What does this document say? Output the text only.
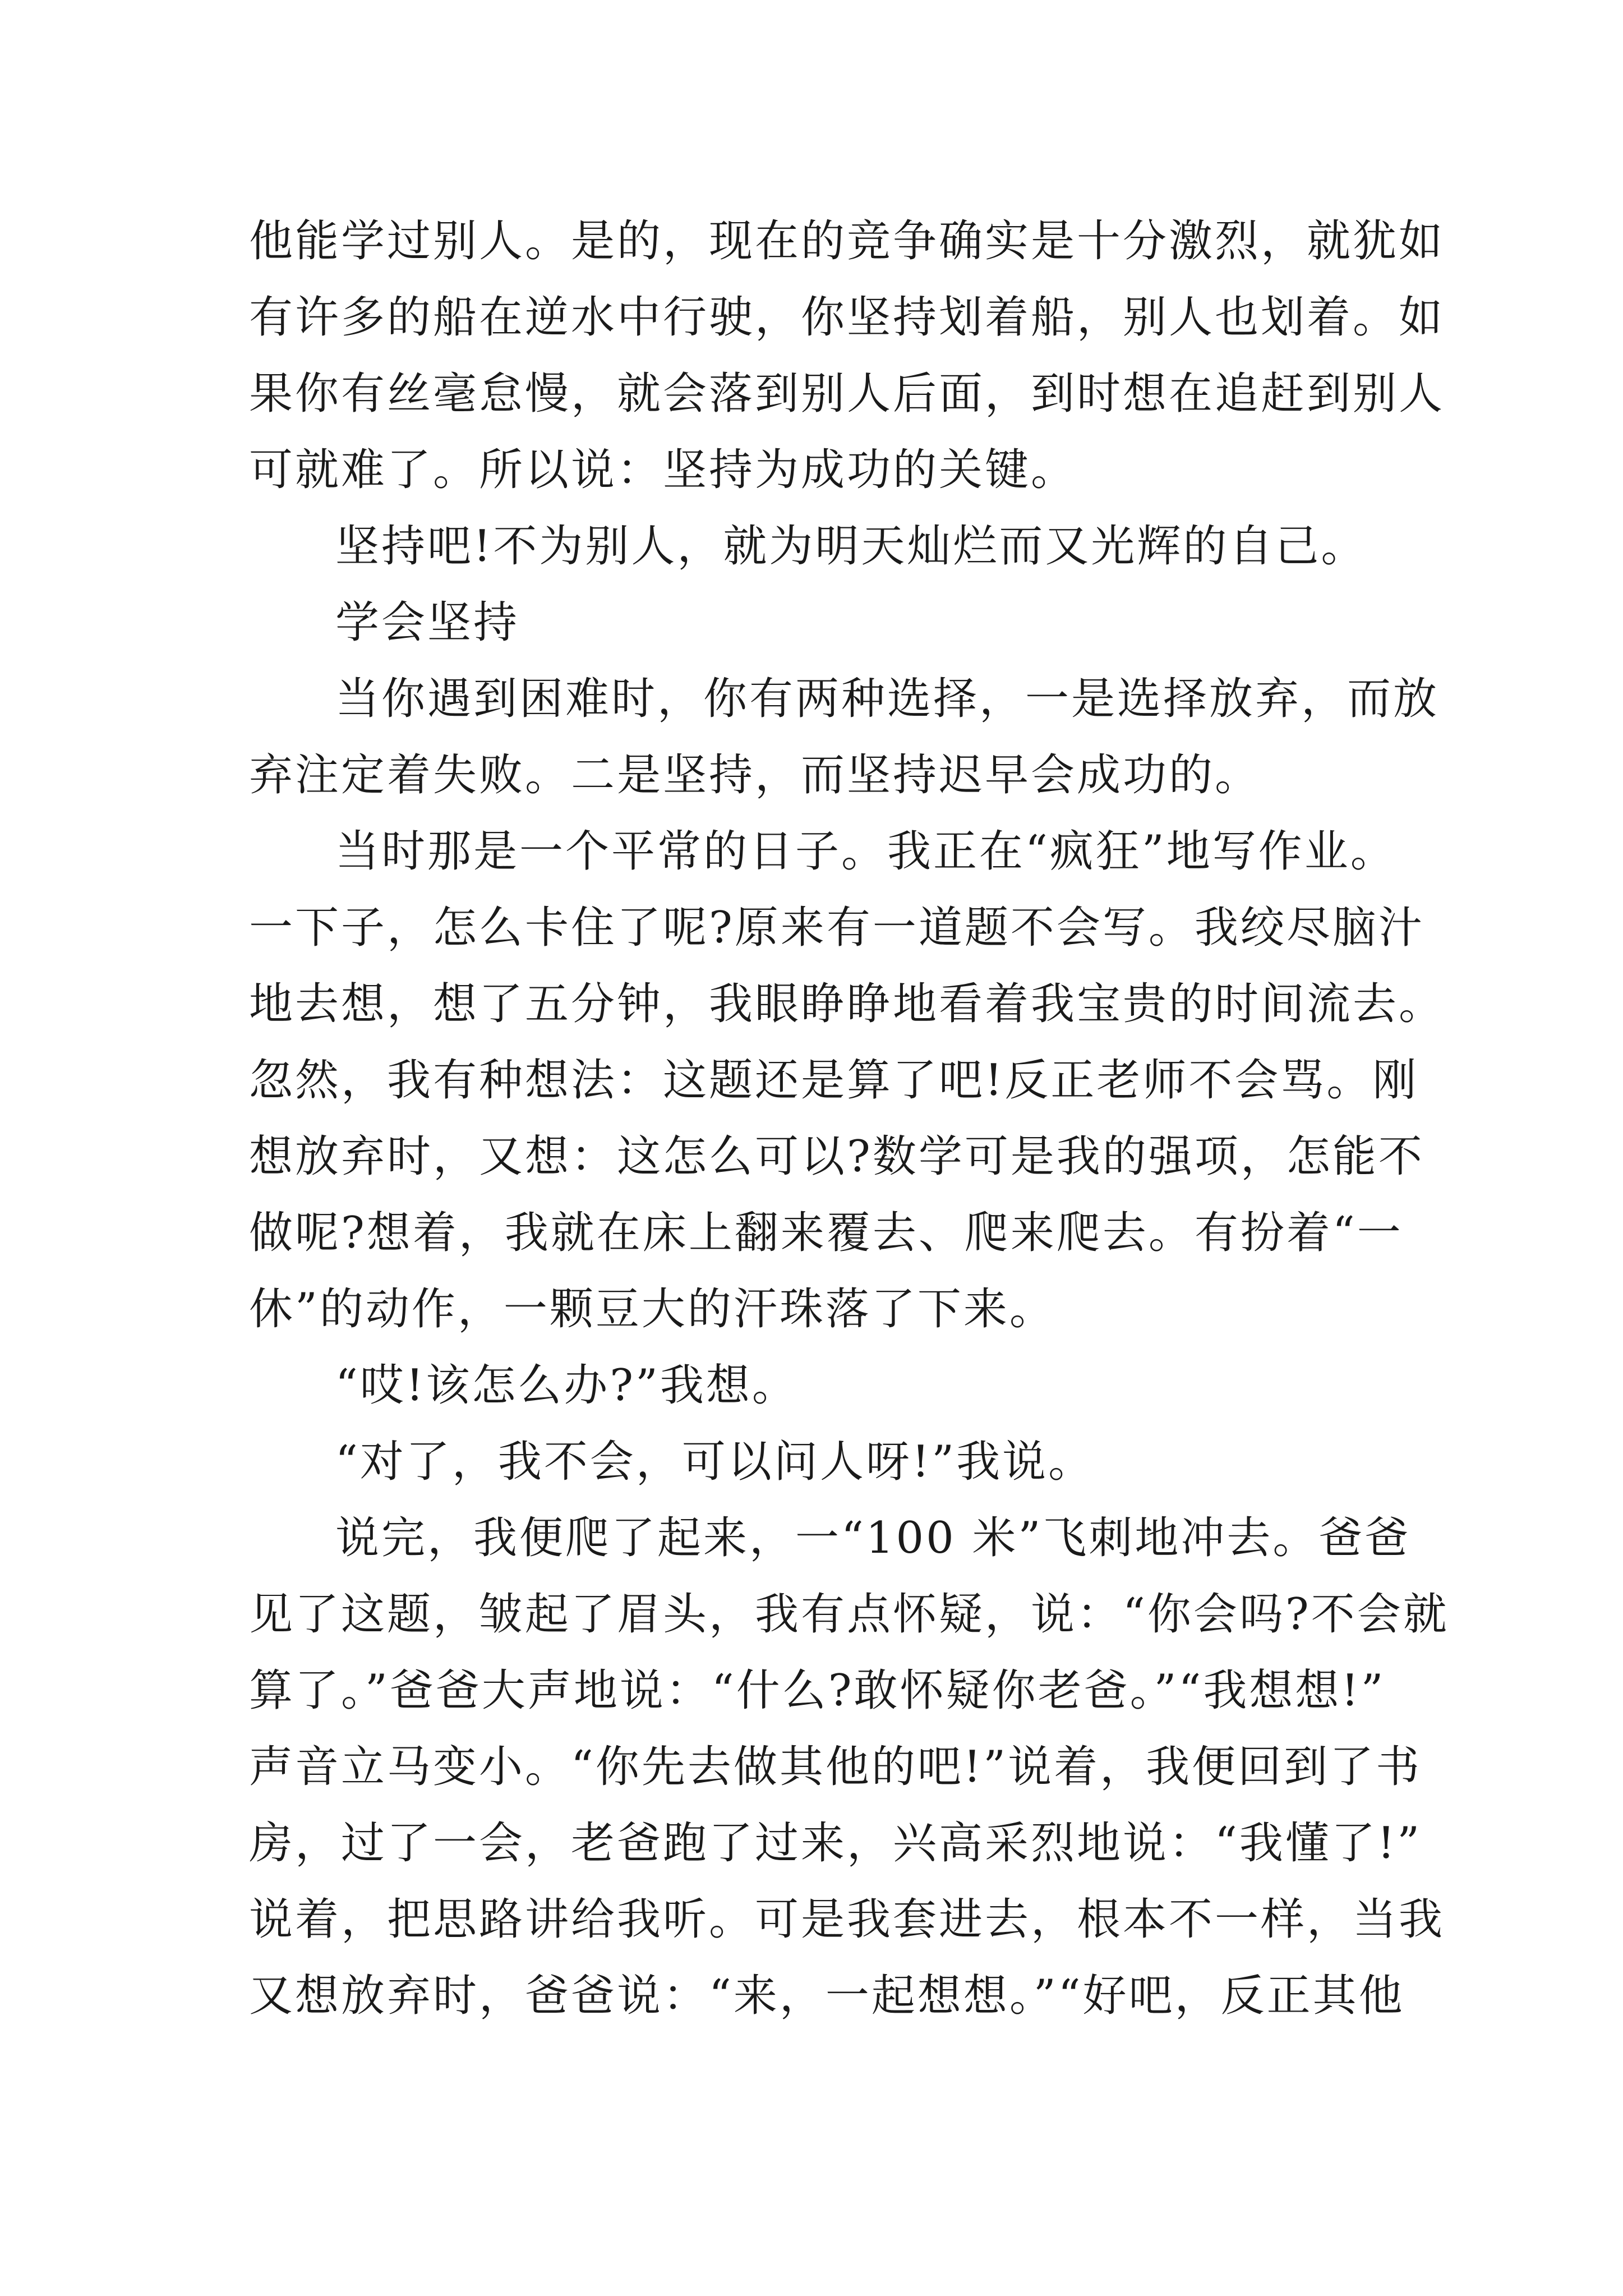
他能学过别人。是的，现在的竞争确实是十分激烈，就犹如
有许多的船在逆水中行驶，你坚持划着船，别人也划着。如
果你有丝毫怠慢，就会落到别人后面，到时想在追赶到别人
可就难了。所以说：坚持为成功的关键。
坚持吧!不为别人，就为明天灿烂而又光辉的自己。
学会坚持
当你遇到困难时，你有两种选择，一是选择放弃，而放
弃注定着失败。二是坚持，而坚持迟早会成功的。
当时那是一个平常的日子。我正在“疯狂”地写作业。
一下子，怎么卡住了呢?原来有一道题不会写。我绞尽脑汁
地去想，想了五分钟，我眼睁睁地看着我宝贵的时间流去。
忽然，我有种想法：这题还是算了吧!反正老师不会骂。刚
想放弃时，又想：这怎么可以?数学可是我的强项，怎能不
做呢?想着，我就在床上翻来覆去、爬来爬去。有扮着“一
休”的动作，一颗豆大的汗珠落了下来。
“哎!该怎么办?”我想。
“对了，我不会，可以问人呀!”我说。
说完，我便爬了起来，一“100 米”飞刺地冲去。爸爸
见了这题，皱起了眉头，我有点怀疑，说：“你会吗?不会就
算了。”爸爸大声地说：“什么?敢怀疑你老爸。”“我想想!”
声音立马变小。“你先去做其他的吧!”说着，我便回到了书
房，过了一会，老爸跑了过来，兴高采烈地说：“我懂了!”
说着，把思路讲给我听。可是我套进去，根本不一样，当我
又想放弃时，爸爸说：“来，一起想想。”“好吧，反正其他
